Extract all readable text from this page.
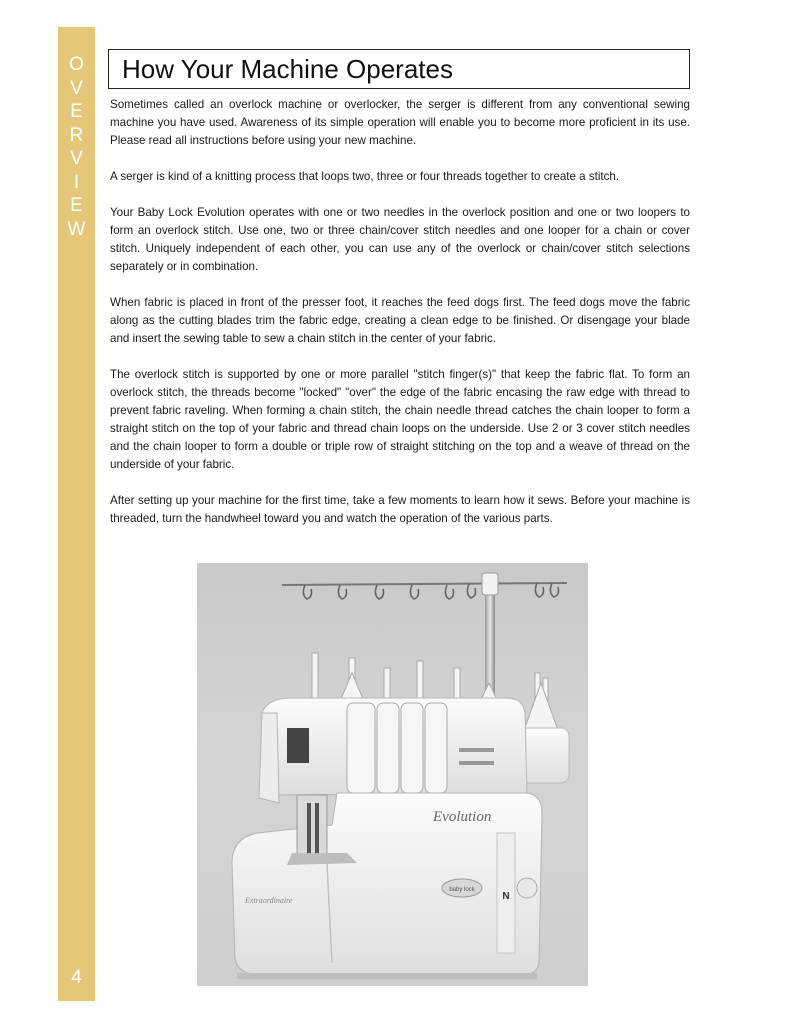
O
V
E
R
V
I
E
W
4
How Your Machine Operates

Sometimes called an overlock machine or overlocker, the serger is different from any conventional sewing machine you have used. Awareness of its simple operation will enable you to become more proficient in its use. Please read all instructions before using your new machine.

A serger is kind of a knitting process that loops two, three or four threads together to create a stitch.

Your Baby Lock Evolution operates with one or two needles in the overlock position and one or two loopers to form an overlock stitch. Use one, two or three chain/cover stitch needles and one looper for a chain or cover stitch. Uniquely independent of each other, you can use any of the overlock or chain/cover stitch selections separately or in combination.

When fabric is placed in front of the presser foot, it reaches the feed dogs first. The feed dogs move the fabric along as the cutting blades trim the fabric edge, creating a clean edge to be finished. Or disengage your blade and insert the sewing table to sew a chain stitch in the center of your fabric.

The overlock stitch is supported by one or more parallel "stitch finger(s)" that keep the fabric flat. To form an overlock stitch, the threads become "locked" "over" the edge of the fabric encasing the raw edge with thread to prevent fabric raveling. When forming a chain stitch, the chain needle thread catches the chain looper to form a straight stitch on the top of your fabric and thread chain loops on the underside. Use 2 or 3 cover stitch needles and the chain looper to form a double or triple row of straight stitching on the top and a weave of thread on the underside of your fabric.

After setting up your machine for the first time, take a few moments to learn how it sews. Before your machine is threaded, turn the handwheel toward you and watch the operation of the various parts.

N
Evolution
baby lock
Extraordinaire
